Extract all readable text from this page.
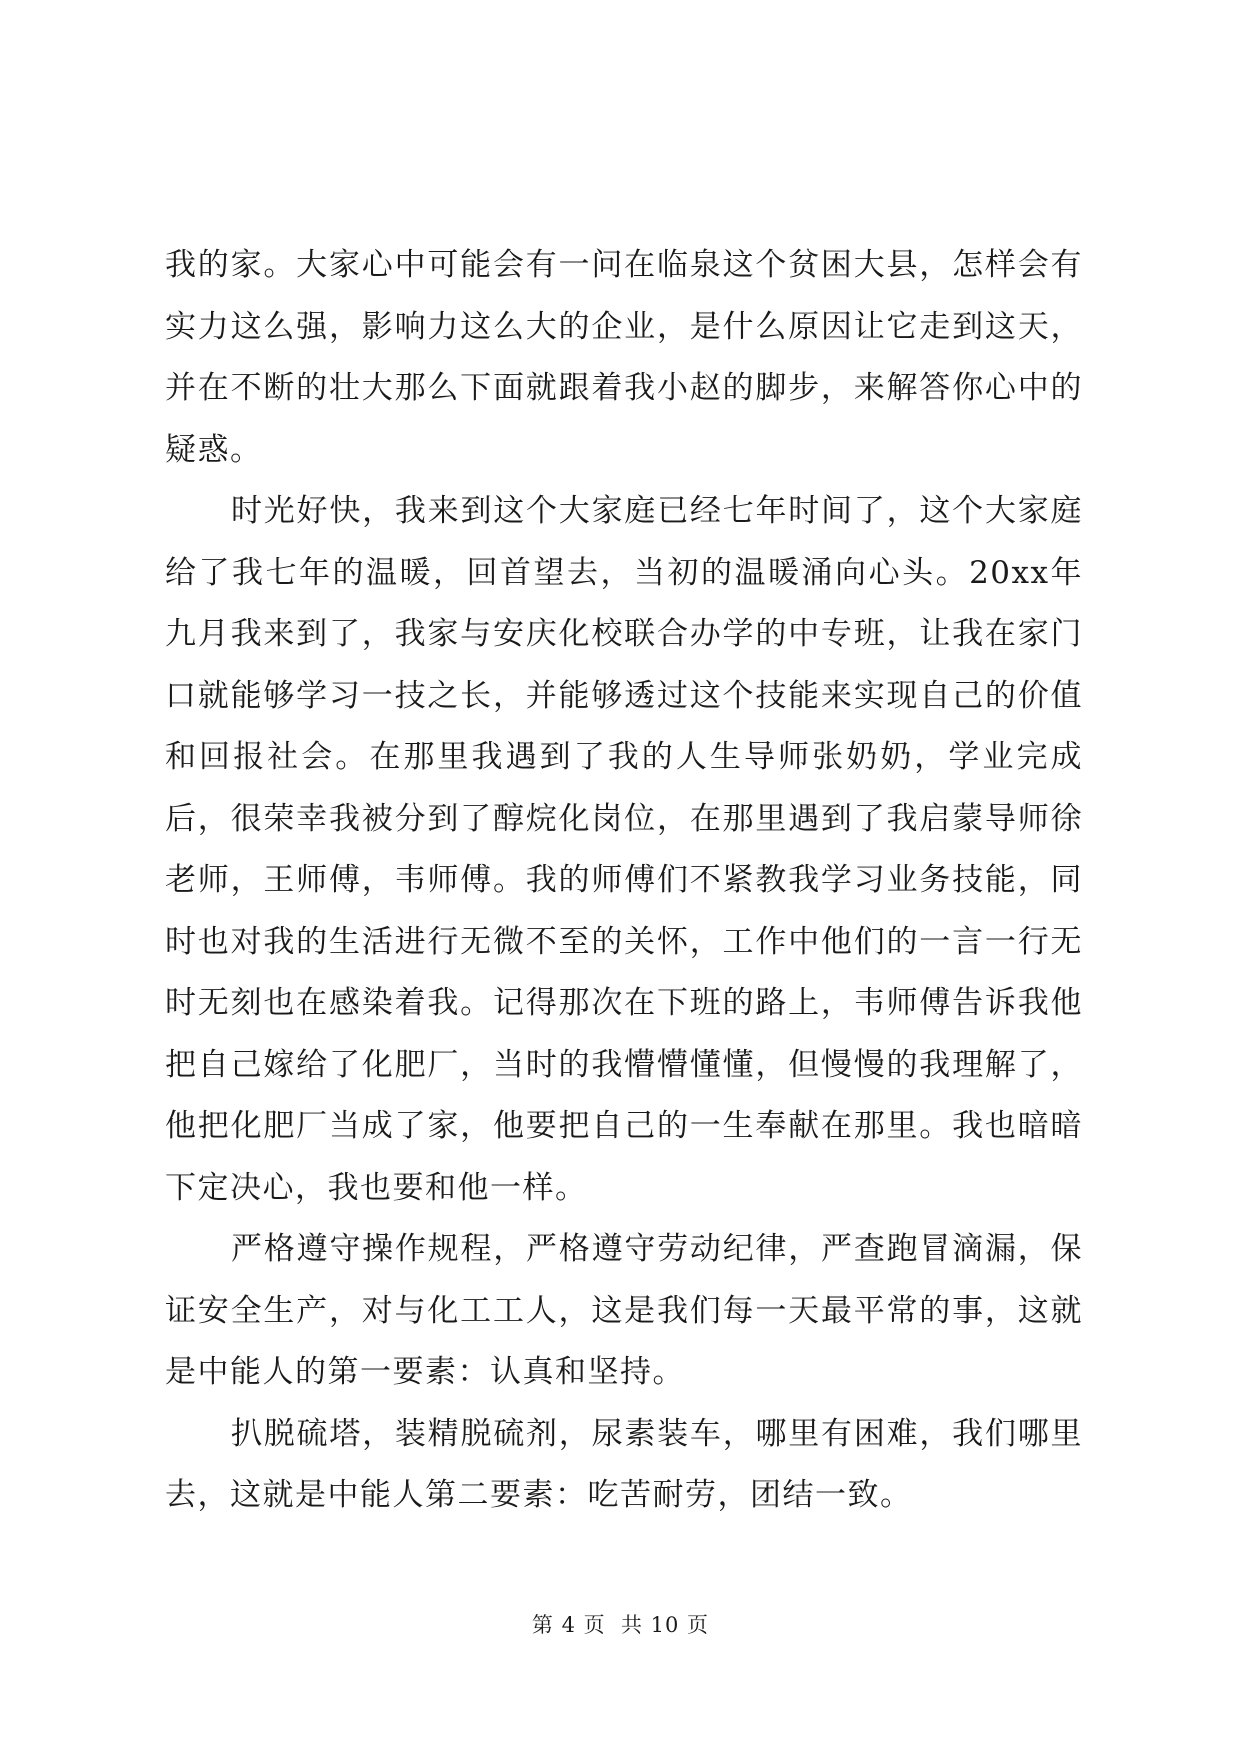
我的家。大家心中可能会有一问在临泉这个贫困大县，怎样会有实力这么强，影响力这么大的企业，是什么原因让它走到这天，并在不断的壮大那么下面就跟着我小赵的脚步，来解答你心中的疑惑。

时光好快，我来到这个大家庭已经七年时间了，这个大家庭给了我七年的温暖，回首望去，当初的温暖涌向心头。20xx年九月我来到了，我家与安庆化校联合办学的中专班，让我在家门口就能够学习一技之长，并能够透过这个技能来实现自己的价值和回报社会。在那里我遇到了我的人生导师张奶奶，学业完成后，很荣幸我被分到了醇烷化岗位，在那里遇到了我启蒙导师徐老师，王师傅，韦师傅。我的师傅们不紧教我学习业务技能，同时也对我的生活进行无微不至的关怀，工作中他们的一言一行无时无刻也在感染着我。记得那次在下班的路上，韦师傅告诉我他把自己嫁给了化肥厂，当时的我懵懵懂懂，但慢慢的我理解了，他把化肥厂当成了家，他要把自己的一生奉献在那里。我也暗暗下定决心，我也要和他一样。

严格遵守操作规程，严格遵守劳动纪律，严查跑冒滴漏，保证安全生产，对与化工工人，这是我们每一天最平常的事，这就是中能人的第一要素：认真和坚持。

扒脱硫塔，装精脱硫剂，尿素装车，哪里有困难，我们哪里去，这就是中能人第二要素：吃苦耐劳，团结一致。

第 4 页  共 10 页
